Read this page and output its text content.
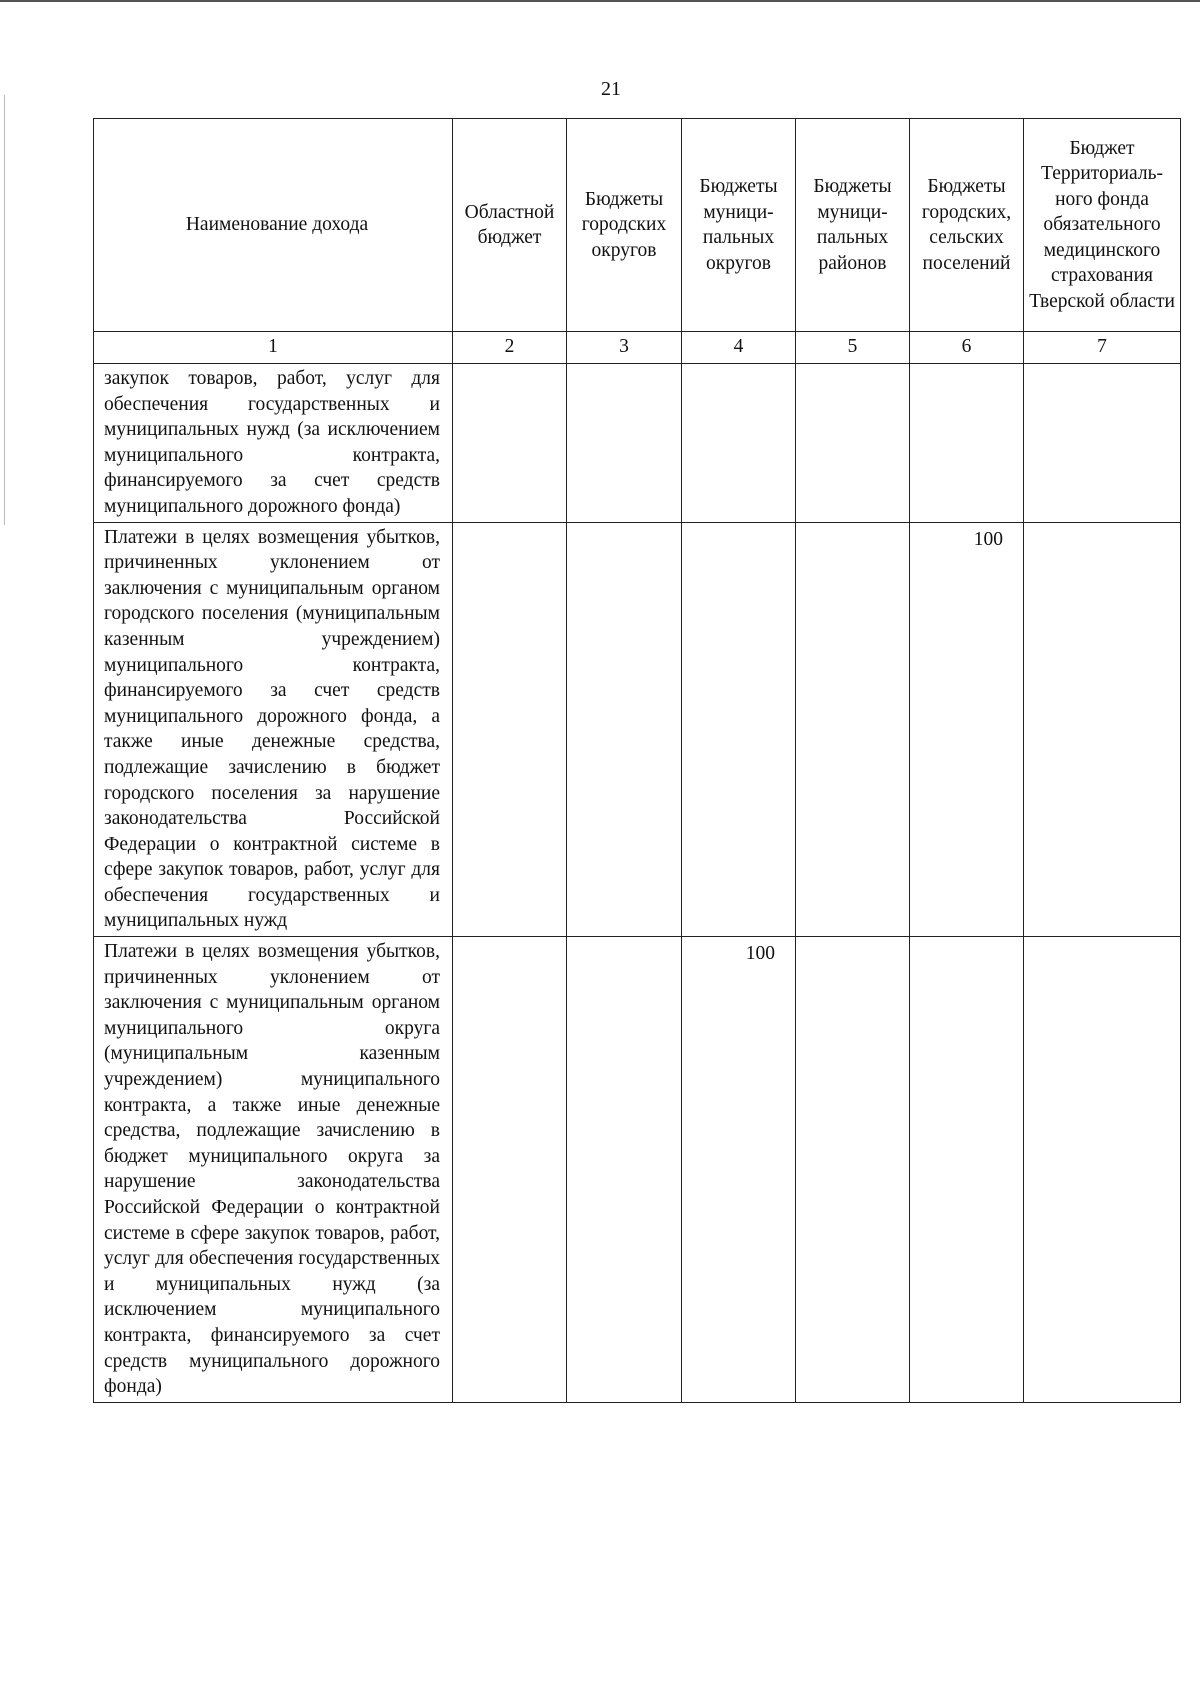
21
Наименование дохода	Областной бюджет	Бюджеты городских округов	Бюджеты муници-пальных округов	Бюджеты муници-пальных районов	Бюджеты городских, сельских поселений	Бюджет Территориаль-ного фонда обязательного медицинского страхования Тверской области
1	2	3	4	5	6	7
закупок товаров, работ, услуг для обеспечения государственных и муниципальных нужд (за исключением муниципального контракта, финансируемого за счет средств муниципального дорожного фонда)						
Платежи в целях возмещения убытков, причиненных уклонением от заключения с муниципальным органом городского поселения (муниципальным казенным учреждением) муниципального контракта, финансируемого за счет средств муниципального дорожного фонда, а также иные денежные средства, подлежащие зачислению в бюджет городского поселения за нарушение законодательства Российской Федерации о контрактной системе в сфере закупок товаров, работ, услуг для обеспечения государственных и муниципальных нужд					100	
Платежи в целях возмещения убытков, причиненных уклонением от заключения с муниципальным органом муниципального округа (муниципальным казенным учреждением) муниципального контракта, а также иные денежные средства, подлежащие зачислению в бюджет муниципального округа за нарушение законодательства Российской Федерации о контрактной системе в сфере закупок товаров, работ, услуг для обеспечения государственных и муниципальных нужд (за исключением муниципального контракта, финансируемого за счет средств муниципального дорожного фонда)			100			
